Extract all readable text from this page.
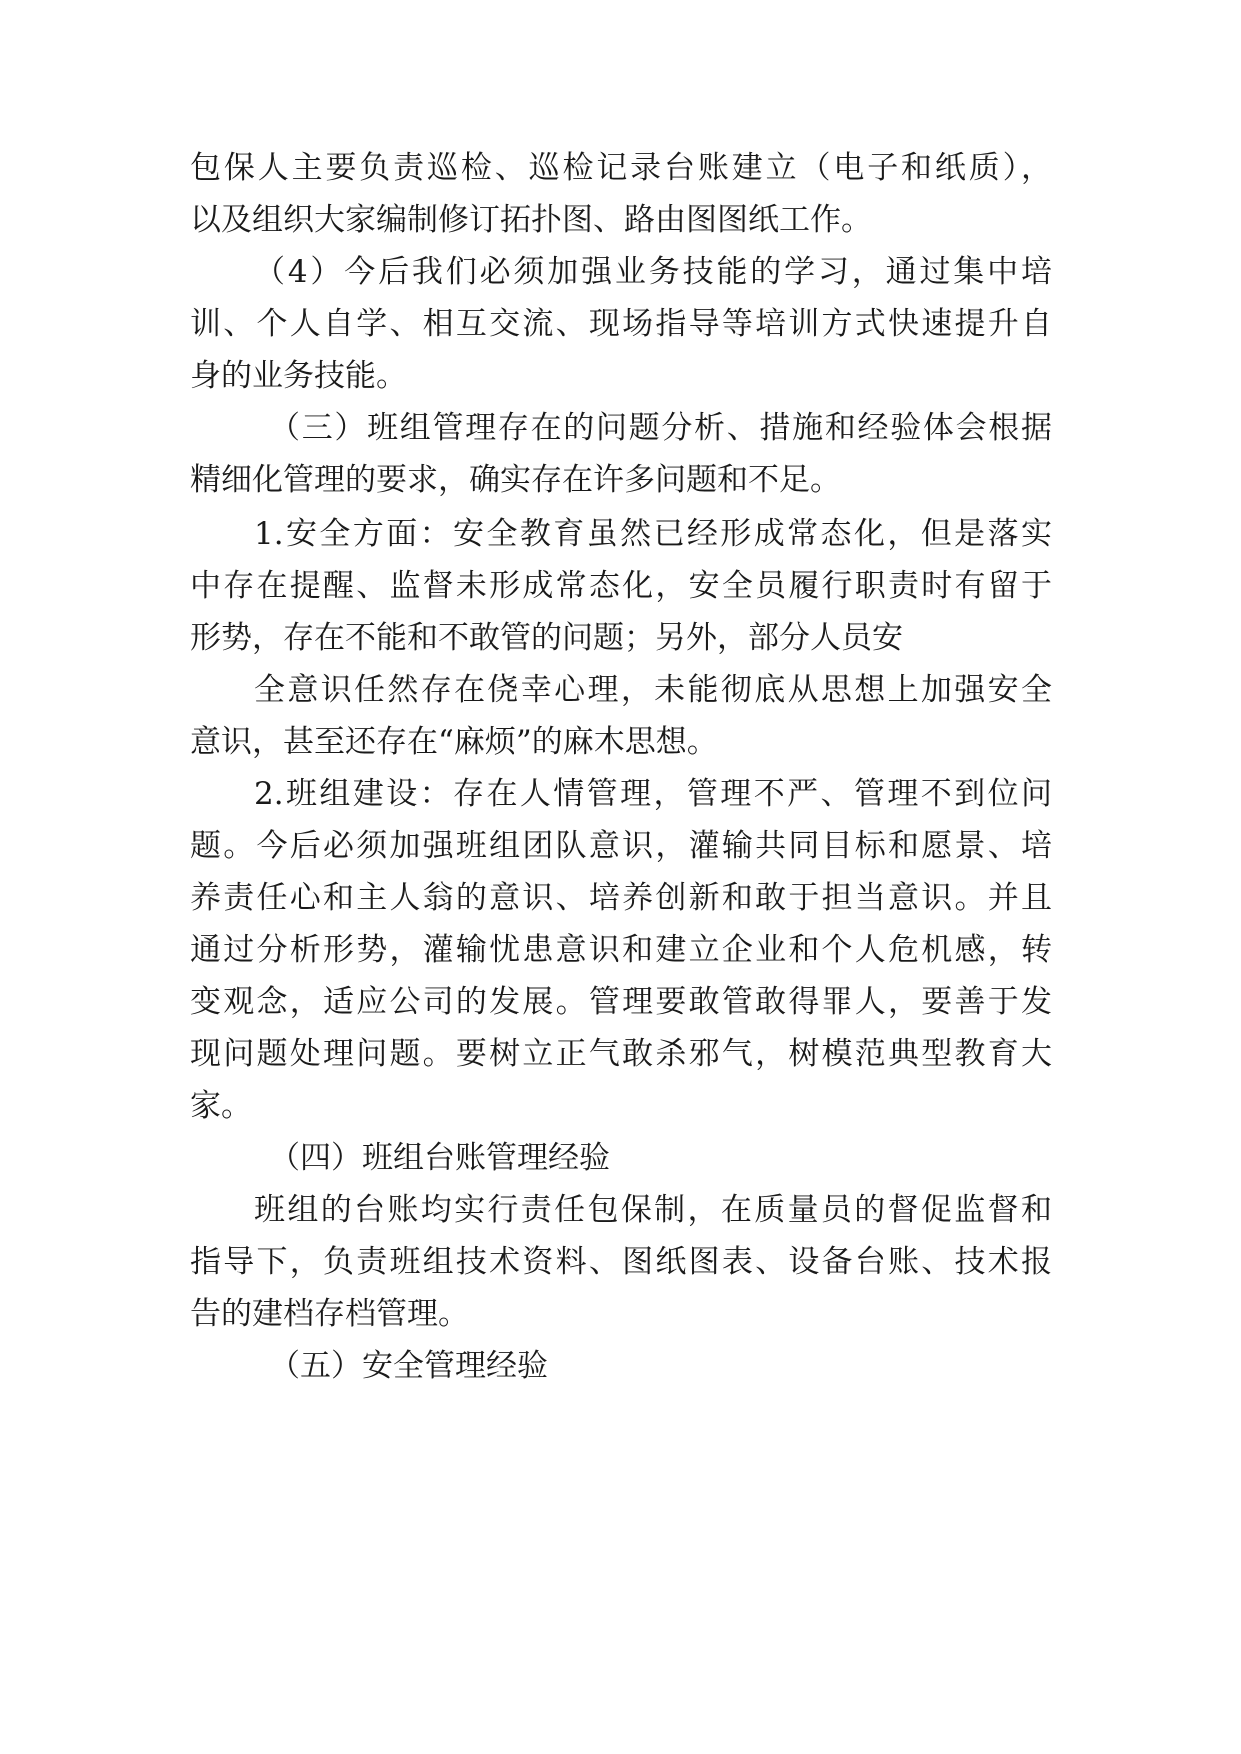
包保人主要负责巡检、巡检记录台账建立（电子和纸质），
以及组织大家编制修订拓扑图、路由图图纸工作。
（4）今后我们必须加强业务技能的学习，通过集中培
训、个人自学、相互交流、现场指导等培训方式快速提升自
身的业务技能。
（三）班组管理存在的问题分析、措施和经验体会根据
精细化管理的要求，确实存在许多问题和不足。
1.安全方面：安全教育虽然已经形成常态化，但是落实
中存在提醒、监督未形成常态化，安全员履行职责时有留于
形势，存在不能和不敢管的问题；另外，部分人员安
全意识任然存在侥幸心理，未能彻底从思想上加强安全
意识，甚至还存在“麻烦”的麻木思想。
2.班组建设：存在人情管理，管理不严、管理不到位问
题。今后必须加强班组团队意识，灌输共同目标和愿景、培
养责任心和主人翁的意识、培养创新和敢于担当意识。并且
通过分析形势，灌输忧患意识和建立企业和个人危机感，转
变观念，适应公司的发展。管理要敢管敢得罪人，要善于发
现问题处理问题。要树立正气敢杀邪气，树模范典型教育大
家。
（四）班组台账管理经验
班组的台账均实行责任包保制，在质量员的督促监督和
指导下，负责班组技术资料、图纸图表、设备台账、技术报
告的建档存档管理。
（五）安全管理经验
